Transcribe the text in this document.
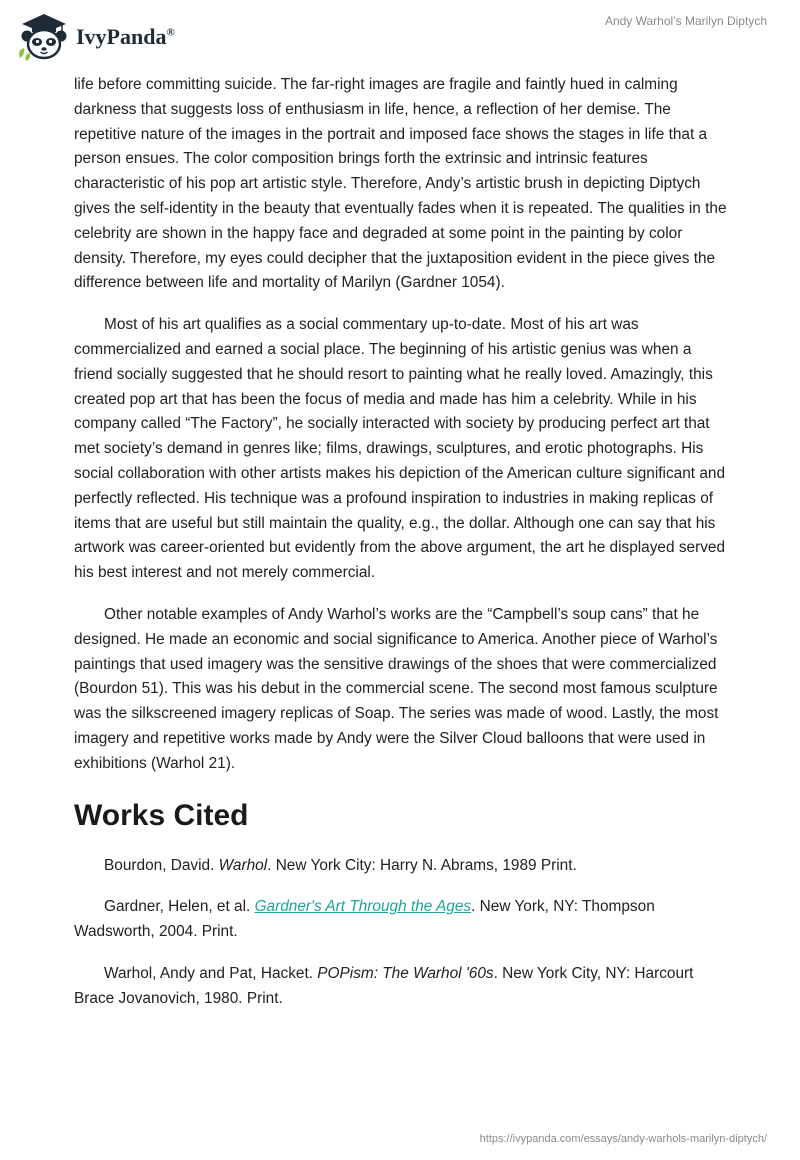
IvyPanda®
Andy Warhol’s Marilyn Diptych

life before committing suicide. The far-right images are fragile and faintly hued in calming darkness that suggests loss of enthusiasm in life, hence, a reflection of her demise. The repetitive nature of the images in the portrait and imposed face shows the stages in life that a person ensues. The color composition brings forth the extrinsic and intrinsic features characteristic of his pop art artistic style. Therefore, Andy’s artistic brush in depicting Diptych gives the self-identity in the beauty that eventually fades when it is repeated. The qualities in the celebrity are shown in the happy face and degraded at some point in the painting by color density. Therefore, my eyes could decipher that the juxtaposition evident in the piece gives the difference between life and mortality of Marilyn (Gardner 1054).

Most of his art qualifies as a social commentary up-to-date. Most of his art was commercialized and earned a social place. The beginning of his artistic genius was when a friend socially suggested that he should resort to painting what he really loved. Amazingly, this created pop art that has been the focus of media and made has him a celebrity. While in his company called “The Factory”, he socially interacted with society by producing perfect art that met society’s demand in genres like; films, drawings, sculptures, and erotic photographs. His social collaboration with other artists makes his depiction of the American culture significant and perfectly reflected. His technique was a profound inspiration to industries in making replicas of items that are useful but still maintain the quality, e.g., the dollar. Although one can say that his artwork was career-oriented but evidently from the above argument, the art he displayed served his best interest and not merely commercial.

Other notable examples of Andy Warhol’s works are the “Campbell’s soup cans” that he designed. He made an economic and social significance to America. Another piece of Warhol’s paintings that used imagery was the sensitive drawings of the shoes that were commercialized (Bourdon 51). This was his debut in the commercial scene. The second most famous sculpture was the silkscreened imagery replicas of Soap. The series was made of wood. Lastly, the most imagery and repetitive works made by Andy were the Silver Cloud balloons that were used in exhibitions (Warhol 21).

Works Cited

Bourdon, David. Warhol. New York City: Harry N. Abrams, 1989 Print.

Gardner, Helen, et al. Gardner's Art Through the Ages. New York, NY: Thompson Wadsworth, 2004. Print.

Warhol, Andy and Pat, Hacket. POPism: The Warhol '60s. New York City, NY: Harcourt Brace Jovanovich, 1980. Print.

https://ivypanda.com/essays/andy-warhols-marilyn-diptych/
